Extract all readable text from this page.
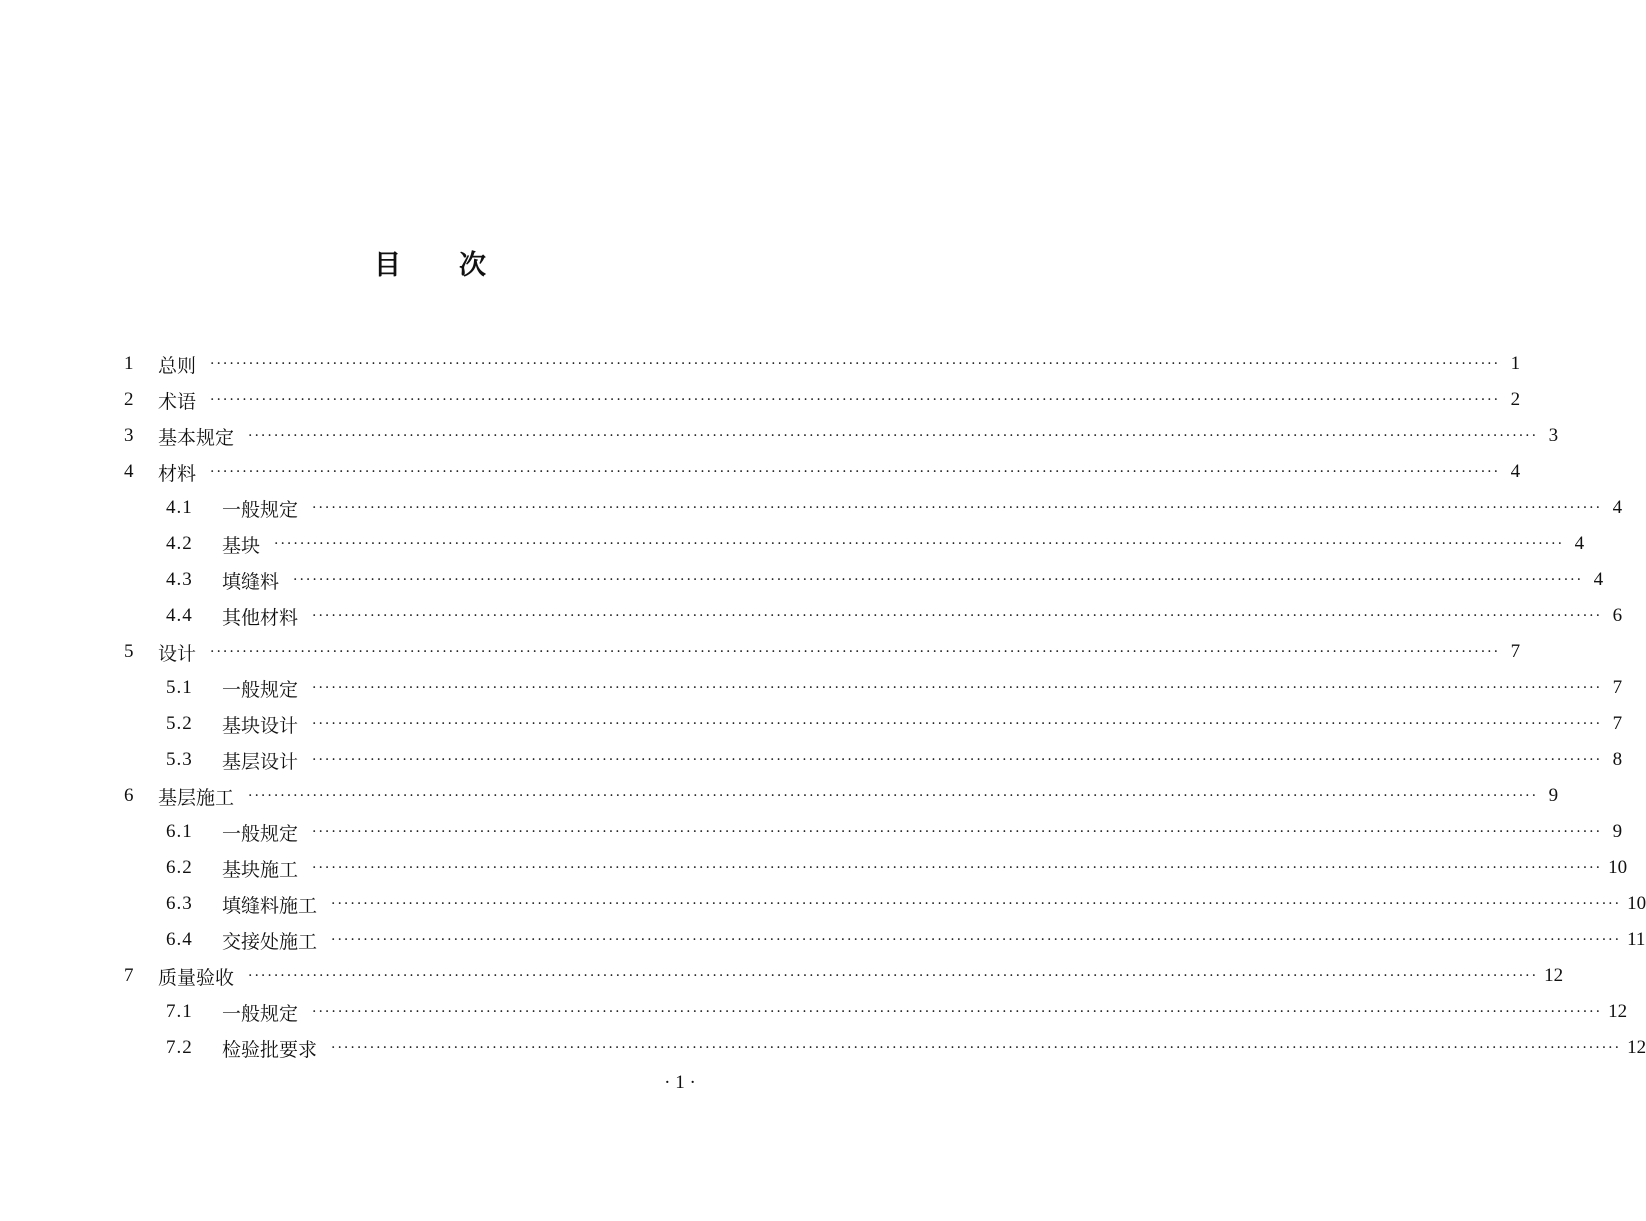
目 次
1	总则	········································································································································································································ 1
2	术语	········································································································································································································ 2
3	基本规定	········································································································································································································ 3
4	材料	········································································································································································································ 4
4.1	一般规定	········································································································································································································ 4
4.2	基块	········································································································································································································ 4
4.3	填缝料	········································································································································································································ 4
4.4	其他材料	········································································································································································································ 6
5	设计	········································································································································································································ 7
5.1	一般规定	········································································································································································································ 7
5.2	基块设计	········································································································································································································ 7
5.3	基层设计	········································································································································································································ 8
6	基层施工	········································································································································································································ 9
6.1	一般规定	········································································································································································································ 9
6.2	基块施工	········································································································································································································ 10
6.3	填缝料施工	········································································································································································································ 10
6.4	交接处施工	········································································································································································································ 11
7	质量验收	········································································································································································································ 12
7.1	一般规定	········································································································································································································ 12
7.2	检验批要求	········································································································································································································ 12
· 1 ·
